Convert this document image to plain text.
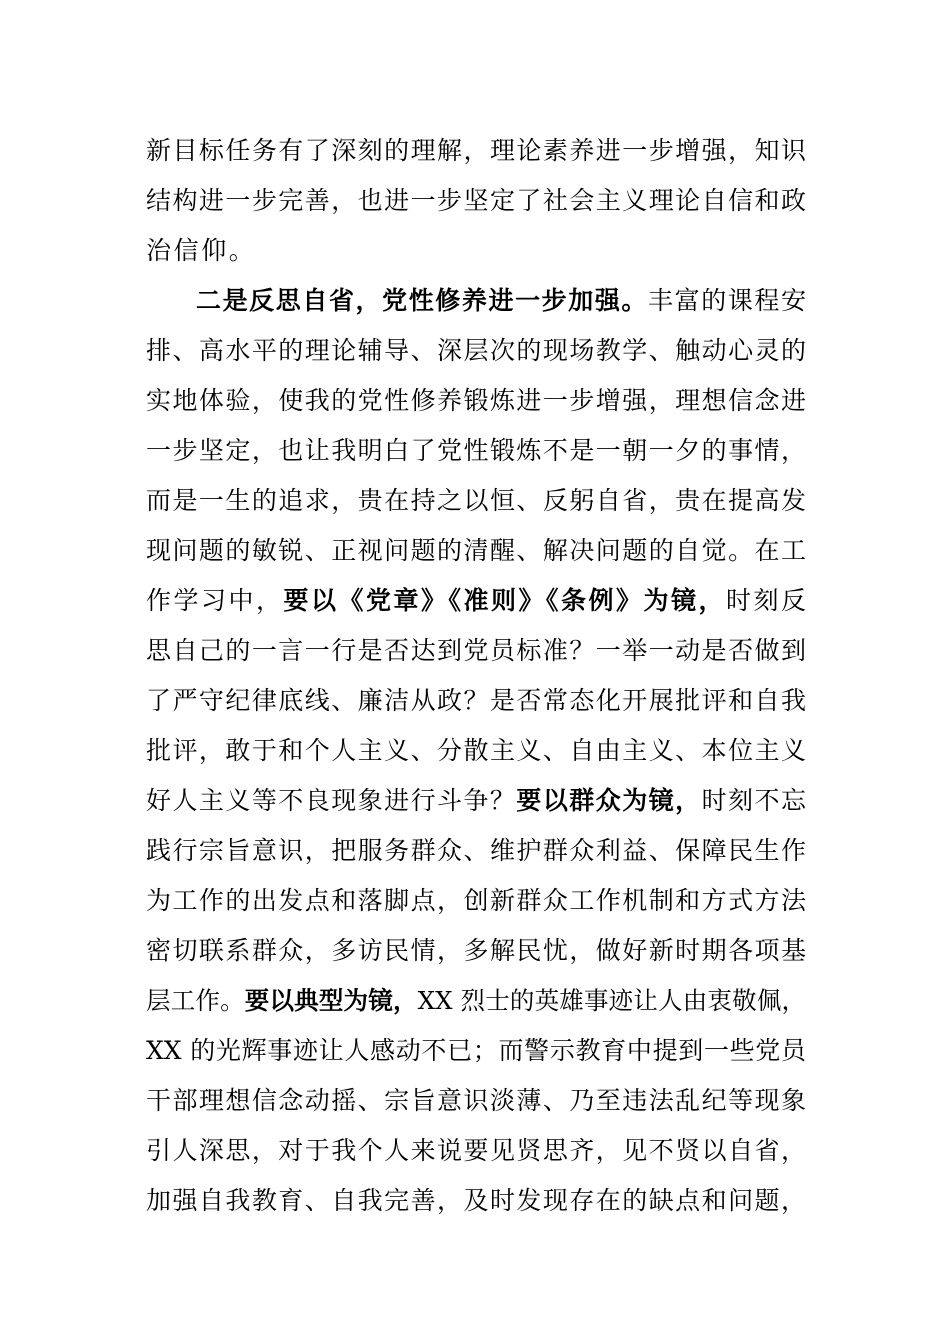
新目标任务有了深刻的理解，理论素养进一步增强，知识
结构进一步完善，也进一步坚定了社会主义理论自信和政
治信仰。
二是反思自省，党性修养进一步加强。丰富的课程安
排、高水平的理论辅导、深层次的现场教学、触动心灵的
实地体验，使我的党性修养锻炼进一步增强，理想信念进
一步坚定，也让我明白了党性锻炼不是一朝一夕的事情，
而是一生的追求，贵在持之以恒、反躬自省，贵在提高发
现问题的敏锐、正视问题的清醒、解决问题的自觉。在工
作学习中，要以《党章》《准则》《条例》为镜，时刻反
思自己的一言一行是否达到党员标准？一举一动是否做到
了严守纪律底线、廉洁从政？是否常态化开展批评和自我
批评，敢于和个人主义、分散主义、自由主义、本位主义
好人主义等不良现象进行斗争？要以群众为镜，时刻不忘
践行宗旨意识，把服务群众、维护群众利益、保障民生作
为工作的出发点和落脚点，创新群众工作机制和方式方法
密切联系群众，多访民情，多解民忧，做好新时期各项基
层工作。要以典型为镜，XX 烈士的英雄事迹让人由衷敬佩，
XX 的光辉事迹让人感动不已；而警示教育中提到一些党员
干部理想信念动摇、宗旨意识淡薄、乃至违法乱纪等现象
引人深思，对于我个人来说要见贤思齐，见不贤以自省，
加强自我教育、自我完善，及时发现存在的缺点和问题，
